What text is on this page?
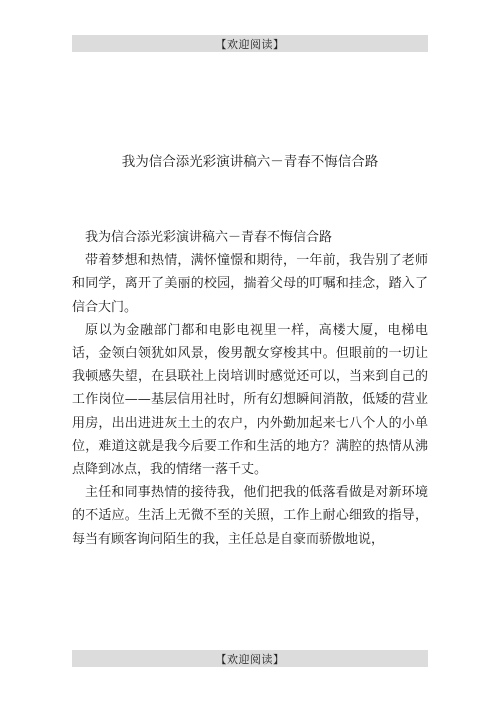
【欢迎阅读】
我为信合添光彩演讲稿六－青春不悔信合路

我为信合添光彩演讲稿六－青春不悔信合路

带着梦想和热情，满怀憧憬和期待，一年前，我告别了老师和同学，离开了美丽的校园，揣着父母的叮嘱和挂念，踏入了信合大门。

原以为金融部门都和电影电视里一样，高楼大厦，电梯电话，金领白领犹如风景，俊男靓女穿梭其中。但眼前的一切让我顿感失望，在县联社上岗培训时感觉还可以，当来到自己的工作岗位——基层信用社时，所有幻想瞬间消散，低矮的营业用房，出出进进灰土土的农户，内外勤加起来七八个人的小单位，难道这就是我今后要工作和生活的地方？满腔的热情从沸点降到冰点，我的情绪一落千丈。

主任和同事热情的接待我，他们把我的低落看做是对新环境的不适应。生活上无微不至的关照，工作上耐心细致的指导，每当有顾客询问陌生的我，主任总是自豪而骄傲地说，

【欢迎阅读】
